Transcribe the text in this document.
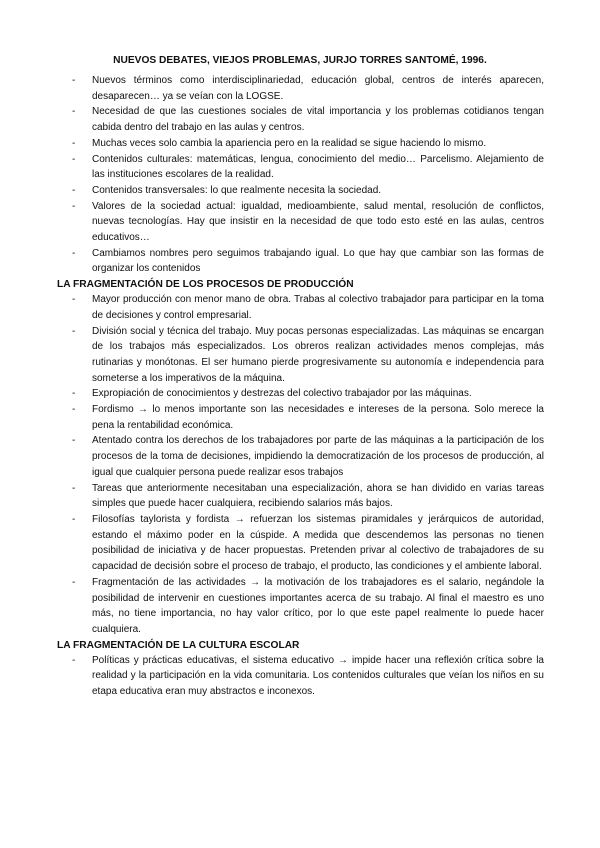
NUEVOS DEBATES, VIEJOS PROBLEMAS, JURJO TORRES SANTOMÉ, 1996.
- Nuevos términos como interdisciplinariedad, educación global, centros de interés aparecen, desaparecen… ya se veían con la LOGSE.
- Necesidad de que las cuestiones sociales de vital importancia y los problemas cotidianos tengan cabida dentro del trabajo en las aulas y centros.
- Muchas veces solo cambia la apariencia pero en la realidad se sigue haciendo lo mismo.
- Contenidos culturales: matemáticas, lengua, conocimiento del medio… Parcelismo. Alejamiento de las instituciones escolares de la realidad.
- Contenidos transversales: lo que realmente necesita la sociedad.
- Valores de la sociedad actual: igualdad, medioambiente, salud mental, resolución de conflictos, nuevas tecnologías. Hay que insistir en la necesidad de que todo esto esté en las aulas, centros educativos…
- Cambiamos nombres pero seguimos trabajando igual. Lo que hay que cambiar son las formas de organizar los contenidos
LA FRAGMENTACIÓN DE LOS PROCESOS DE PRODUCCIÓN
- Mayor producción con menor mano de obra. Trabas al colectivo trabajador para participar en la toma de decisiones y control empresarial.
- División social y técnica del trabajo. Muy pocas personas especializadas. Las máquinas se encargan de los trabajos más especializados. Los obreros realizan actividades menos complejas, más rutinarias y monótonas. El ser humano pierde progresivamente su autonomía e independencia para someterse a los imperativos de la máquina.
- Expropiación de conocimientos y destrezas del colectivo trabajador por las máquinas.
- Fordismo → lo menos importante son las necesidades e intereses de la persona. Solo merece la pena la rentabilidad económica.
- Atentado contra los derechos de los trabajadores por parte de las máquinas a la participación de los procesos de la toma de decisiones, impidiendo la democratización de los procesos de producción, al igual que cualquier persona puede realizar esos trabajos
- Tareas que anteriormente necesitaban una especialización, ahora se han dividido en varias tareas simples que puede hacer cualquiera, recibiendo salarios más bajos.
- Filosofías taylorista y fordista → refuerzan los sistemas piramidales y jerárquicos de autoridad, estando el máximo poder en la cúspide. A medida que descendemos las personas no tienen posibilidad de iniciativa y de hacer propuestas. Pretenden privar al colectivo de trabajadores de su capacidad de decisión sobre el proceso de trabajo, el producto, las condiciones y el ambiente laboral.
- Fragmentación de las actividades → la motivación de los trabajadores es el salario, negándole la posibilidad de intervenir en cuestiones importantes acerca de su trabajo. Al final el maestro es uno más, no tiene importancia, no hay valor crítico, por lo que este papel realmente lo puede hacer cualquiera.
LA FRAGMENTACIÓN DE LA CULTURA ESCOLAR
- Políticas y prácticas educativas, el sistema educativo → impide hacer una reflexión crítica sobre la realidad y la participación en la vida comunitaria. Los contenidos culturales que veían los niños en su etapa educativa eran muy abstractos e inconexos.
